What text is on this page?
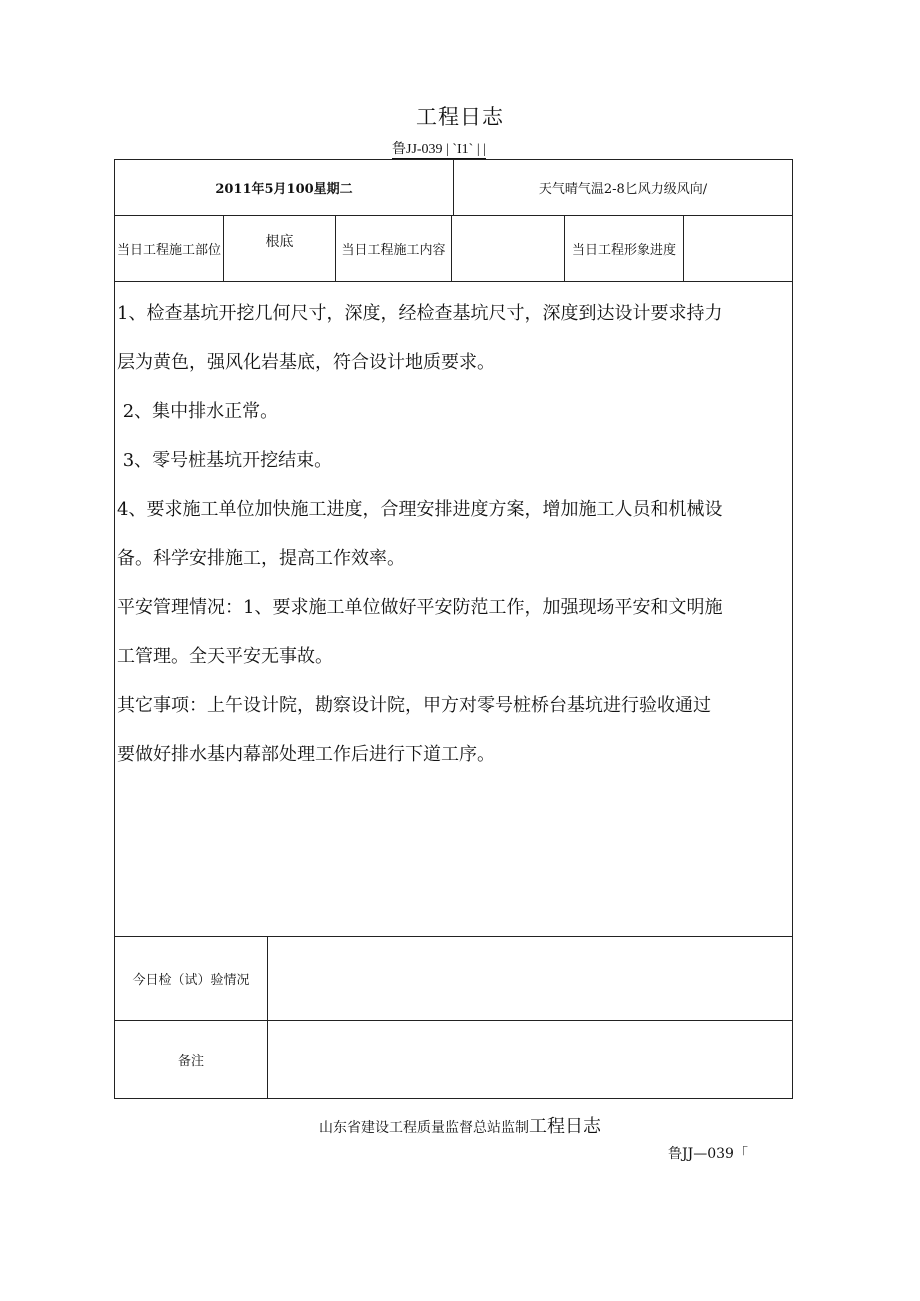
工程日志
鲁JJ-039 | `I1` | |
2011年5月100星期二	天气晴气温2-8匕风力级风向/
当日工程施工部位
根底
当日工程施工内容	当日工程形象进度
今日检（试）验情况
备注

1、检查基坑开挖几何尺寸，深度，经检查基坑尺寸，深度到达设计要求持力

层为黄色，强风化岩基底，符合设计地质要求。

2、集中排水正常。

3、零号桩基坑开挖结束。

4、要求施工单位加快施工进度，合理安排进度方案，增加施工人员和机械设

备。科学安排施工，提高工作效率。

平安管理情况：1、要求施工单位做好平安防范工作，加强现场平安和文明施

工管理。全天平安无事故。

其它事项：上午设计院，勘察设计院，甲方对零号桩桥台基坑进行验收通过

要做好排水基内幕部处理工作后进行下道工序。

山东省建设工程质量监督总站监制工程日志
鲁JJ—039「
